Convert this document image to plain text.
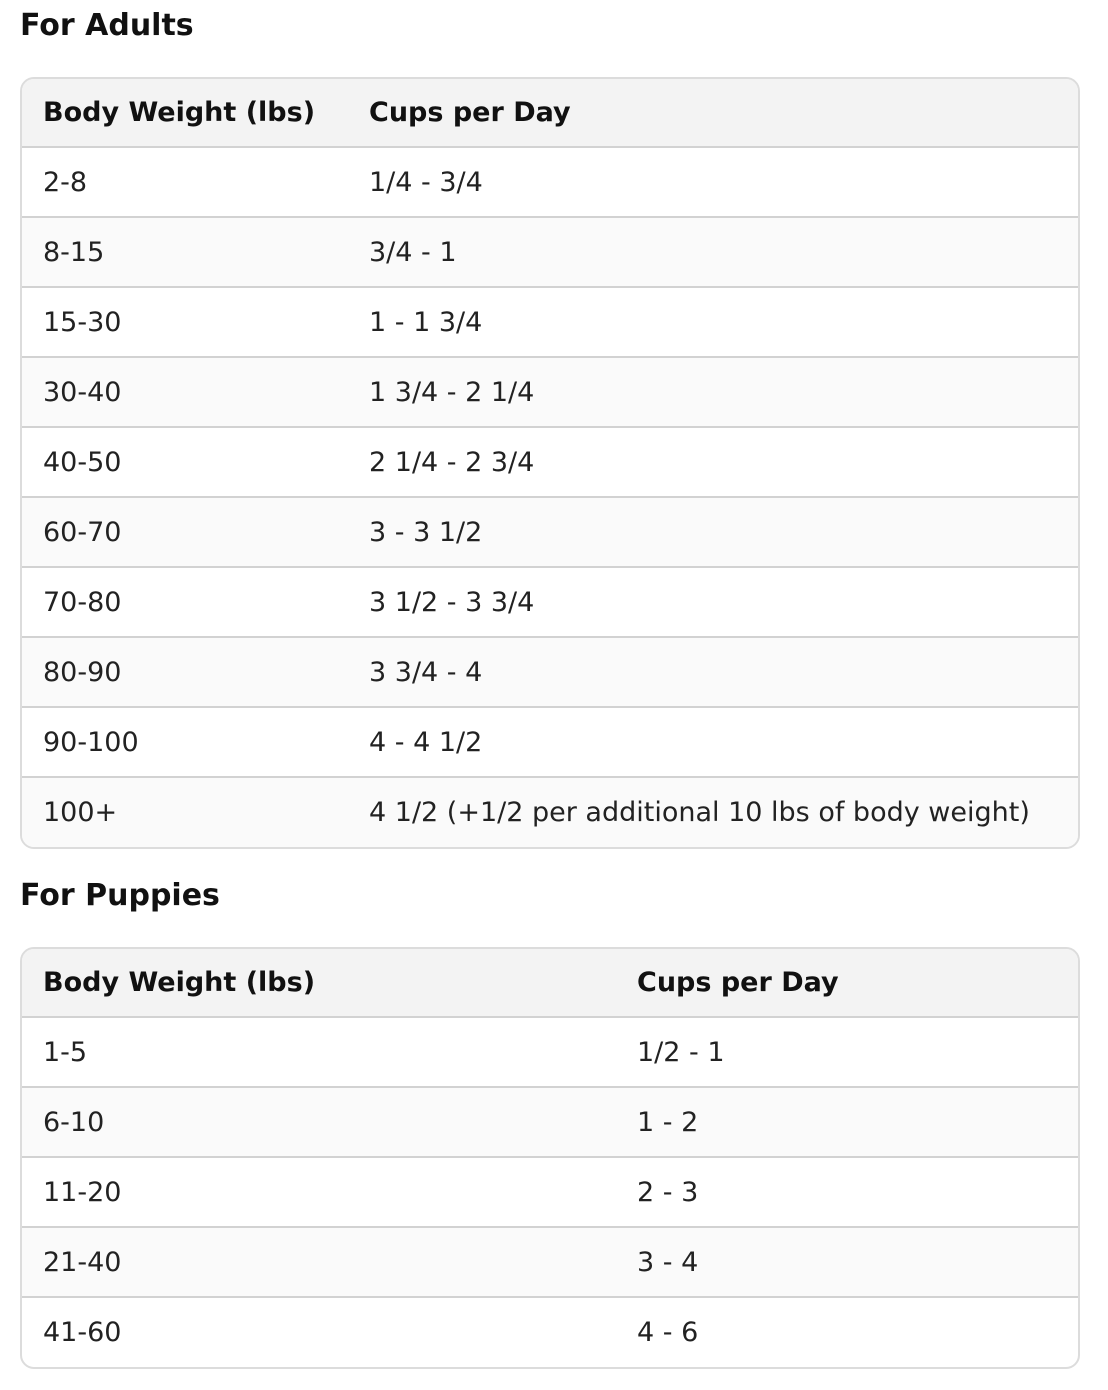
For Adults
Body Weight (lbs)	Cups per Day
2-8	1/4 - 3/4
8-15	3/4 - 1
15-30	1 - 1 3/4
30-40	1 3/4 - 2 1/4
40-50	2 1/4 - 2 3/4
60-70	3 - 3 1/2
70-80	3 1/2 - 3 3/4
80-90	3 3/4 - 4
90-100	4 - 4 1/2
100+	4 1/2 (+1/2 per additional 10 lbs of body weight)
For Puppies
Body Weight (lbs)	Cups per Day
1-5	1/2 - 1
6-10	1 - 2
11-20	2 - 3
21-40	3 - 4
41-60	4 - 6
